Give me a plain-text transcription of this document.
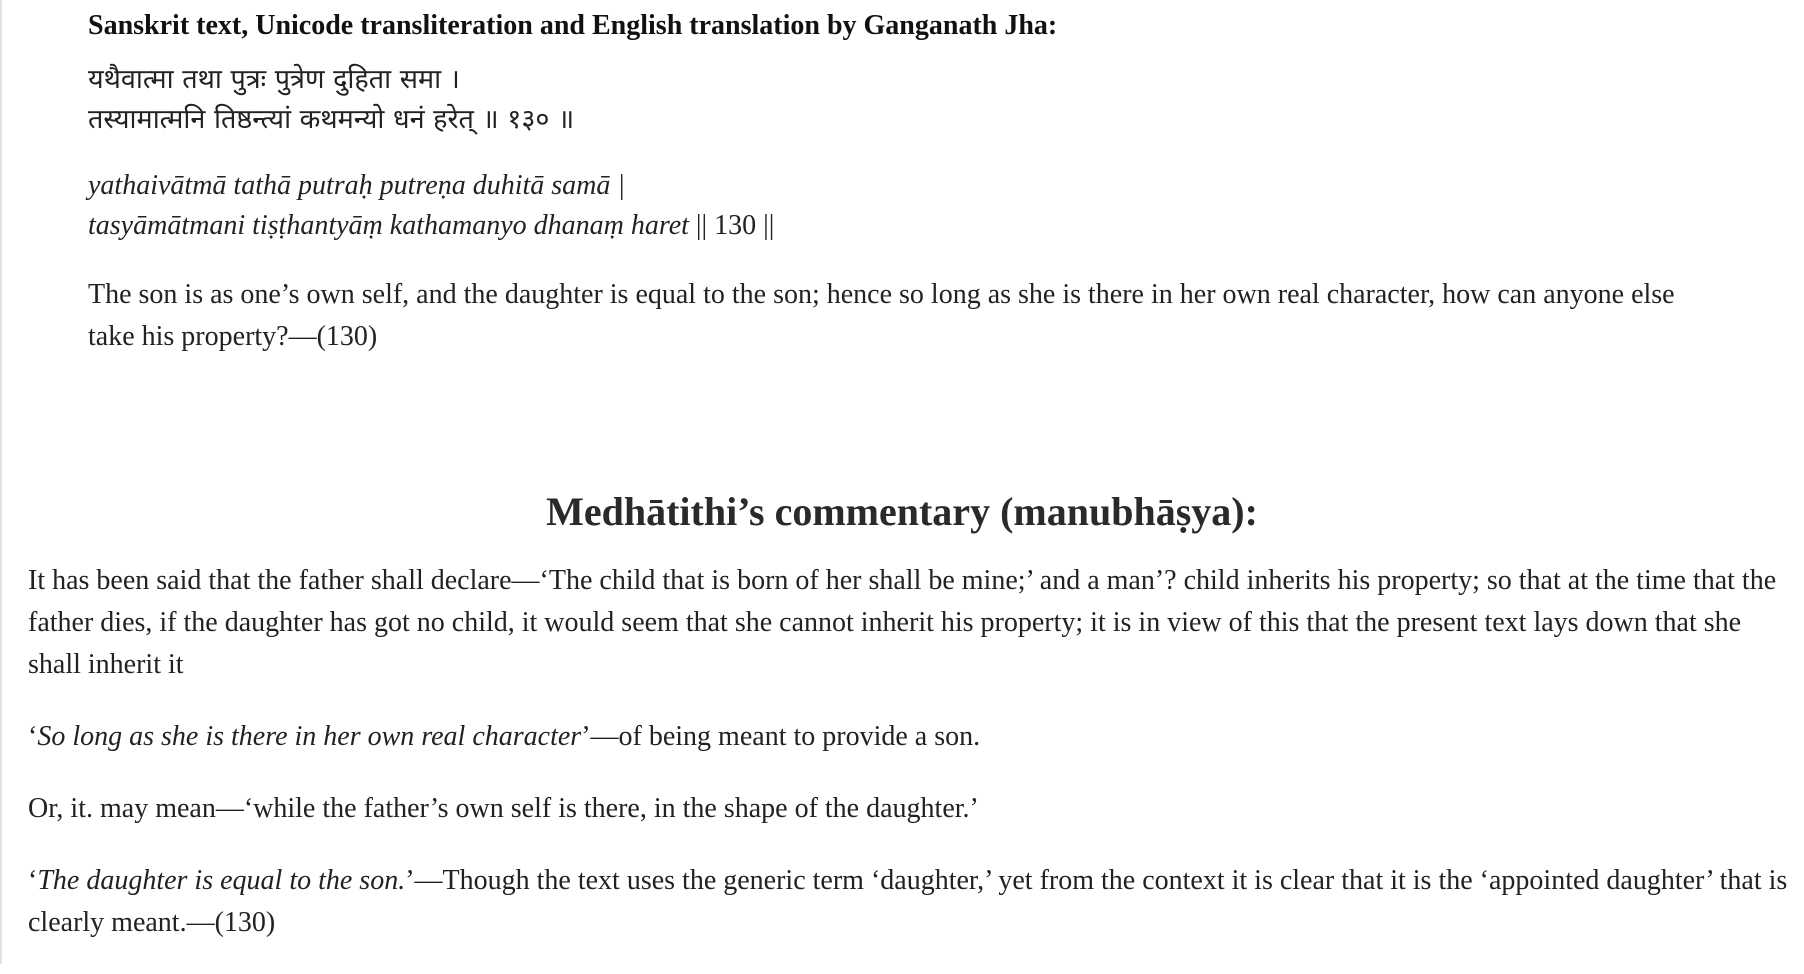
Sanskrit text, Unicode transliteration and English translation by Ganganath Jha:

यथैवात्मा तथा पुत्रः पुत्रेण दुहिता समा ।
तस्यामात्मनि तिष्ठन्त्यां कथमन्यो धनं हरेत् ॥ १३० ॥
yathaivātmā tathā putraḥ putreṇa duhitā samā |
tasyāmātmani tiṣṭhantyāṃ kathamanyo dhanaṃ haret || 130 ||

The son is as one’s own self, and the daughter is equal to the son; hence so long as she is there in her own real character, how can anyone else take his property?—(130)

Medhātithi’s commentary (manubhāṣya):

It has been said that the father shall declare—‘The child that is born of her shall be mine;’ and a man’? child inherits his property; so that at the time that the father dies, if the daughter has got no child, it would seem that she cannot inherit his property; it is in view of this that the present text lays down that she shall inherit it

‘So long as she is there in her own real character’—of being meant to provide a son.

Or, it. may mean—‘while the father’s own self is there, in the shape of the daughter.’

‘The daughter is equal to the son.’—Though the text uses the generic term ‘daughter,’ yet from the context it is clear that it is the ‘appointed daughter’ that is clearly meant.—(130)
